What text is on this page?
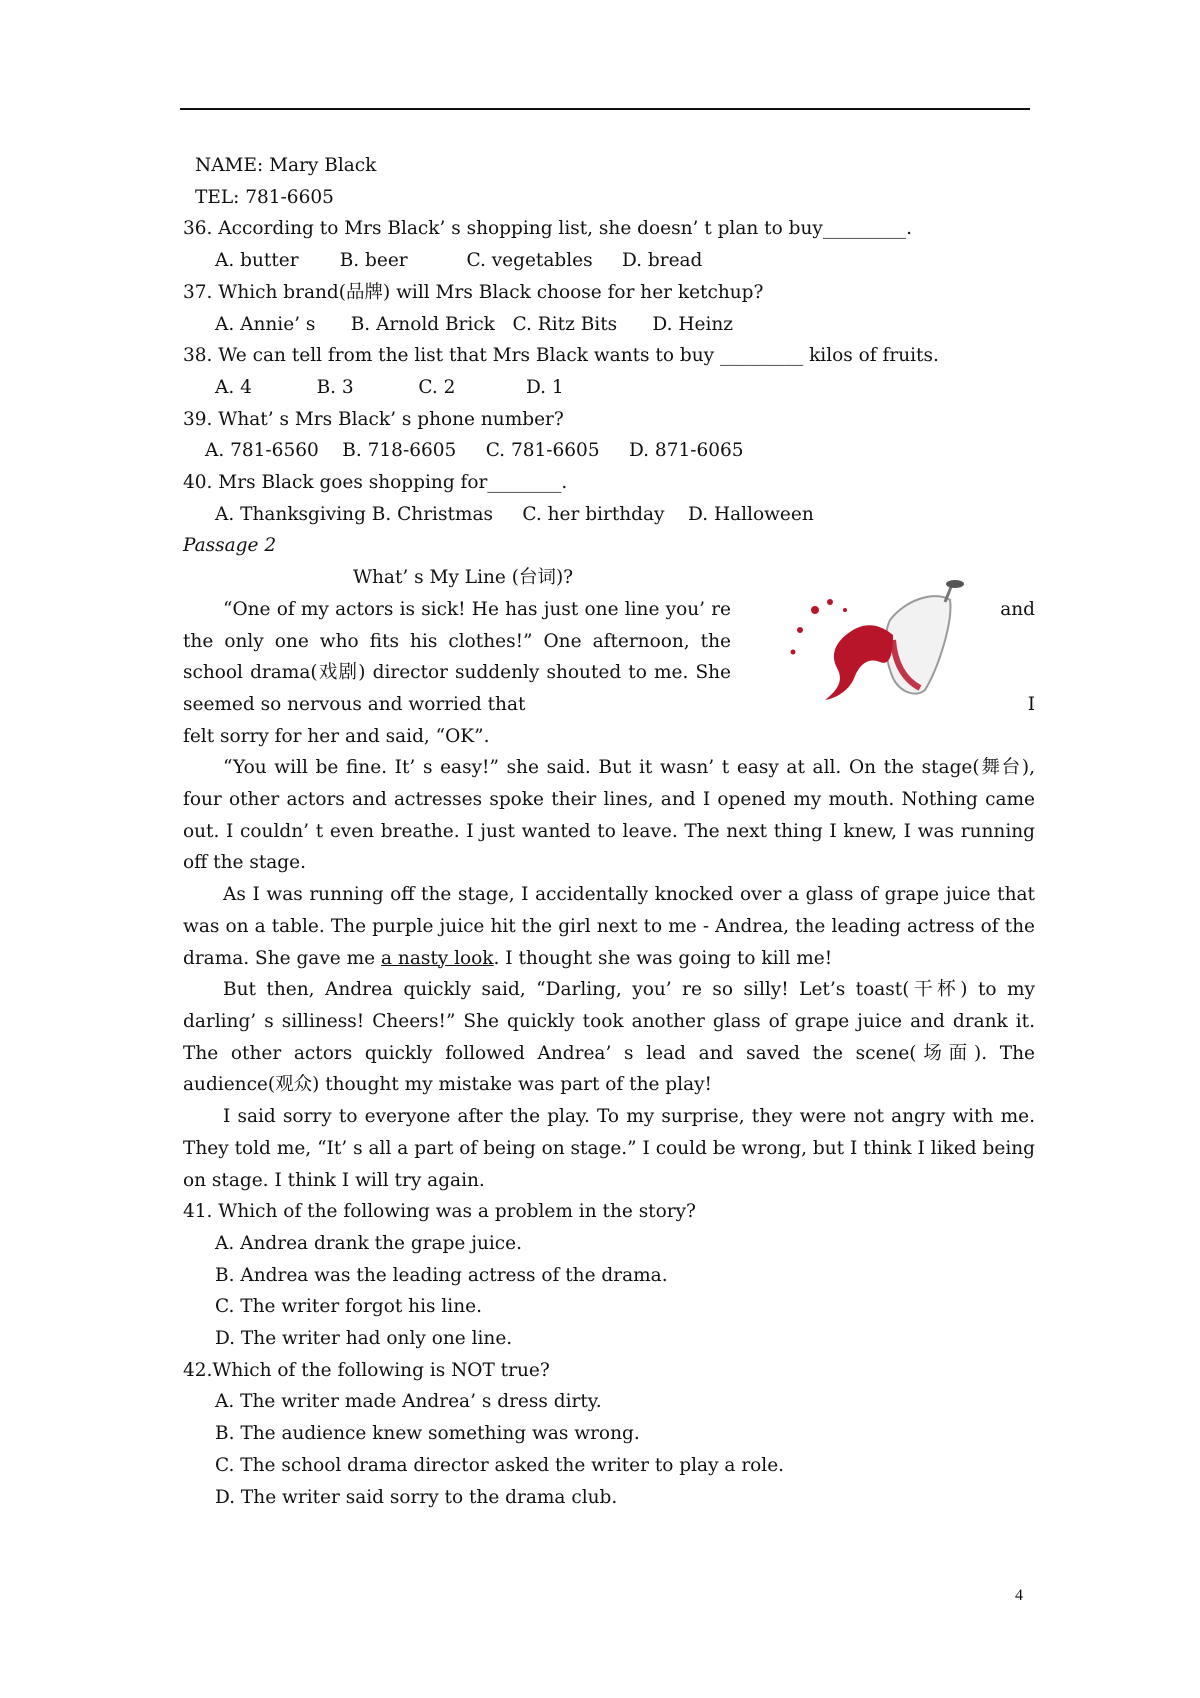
NAME: Mary Black
TEL: 781-6605
36. According to Mrs Black’ s shopping list, she doesn’ t plan to buy_________.
A. butter       B. beer          C. vegetables     D. bread
37. Which brand(品牌) will Mrs Black choose for her ketchup?
A. Annie’ s      B. Arnold Brick   C. Ritz Bits      D. Heinz
38. We can tell from the list that Mrs Black wants to buy _________ kilos of fruits.
A. 4           B. 3           C. 2            D. 1
39. What’ s Mrs Black’ s phone number?
A. 781-6560    B. 718-6605     C. 781-6605     D. 871-6065
40. Mrs Black goes shopping for________.
A. Thanksgiving B. Christmas     C. her birthday    D. Halloween
Passage 2
What’ s My Line (台词)?
“One of my actors is sick! He has just one line you’ re the only one who fits his clothes!” One afternoon, the school drama(戏剧) director suddenly shouted to me. She seemed so nervous and worried that
and
I
felt sorry for her and said, “OK”.
“You will be fine. It’ s easy!” she said. But it wasn’ t easy at all. On the stage(舞台), four other actors and actresses spoke their lines, and I opened my mouth. Nothing came out. I couldn’ t even breathe. I just wanted to leave. The next thing I knew, I was running off the stage.
As I was running off the stage, I accidentally knocked over a glass of grape juice that was on a table. The purple juice hit the girl next to me - Andrea, the leading actress of the drama. She gave me a nasty look. I thought she was going to kill me!
But then, Andrea quickly said, “Darling, you’ re so silly! Let’s toast(干杯) to my darling’ s silliness! Cheers!” She quickly took another glass of grape juice and drank it. The other actors quickly followed Andrea’ s lead and saved the scene(场面). The audience(观众) thought my mistake was part of the play!
I said sorry to everyone after the play. To my surprise, they were not angry with me. They told me, “It’ s all a part of being on stage.” I could be wrong, but I think I liked being on stage. I think I will try again.
41. Which of the following was a problem in the story?
A. Andrea drank the grape juice.
B. Andrea was the leading actress of the drama.
C. The writer forgot his line.
D. The writer had only one line.
42.Which of the following is NOT true?
A. The writer made Andrea’ s dress dirty.
B. The audience knew something was wrong.
C. The school drama director asked the writer to play a role.
D. The writer said sorry to the drama club.
4
